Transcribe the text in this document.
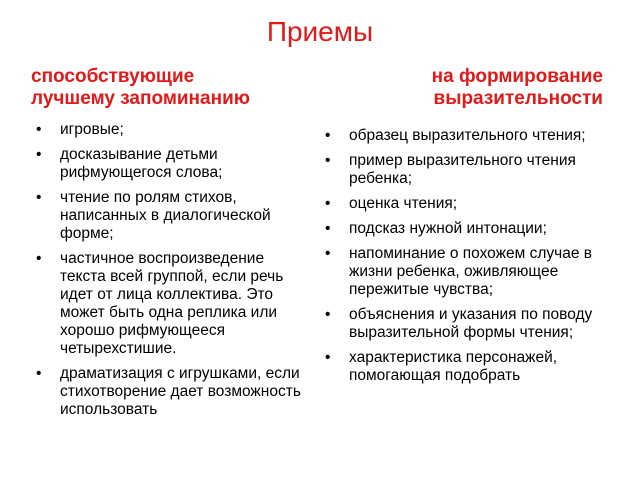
Приемы
способствующие
лучшему запоминанию
на формирование
выразительности
•	игровые;
•	досказывание детьми рифмующегося слова;
•	чтение по ролям стихов, написанных в диалогической форме;
•	частичное воспроизведение текста всей группой, если речь идет от лица коллектива. Это может быть одна реплика или хорошо рифмующееся четырехстишие.
•	драматизация с игрушками, если стихотворение дает возможность использовать
•	образец выразительного чтения;
•	пример выразительного чтения ребенка;
•	оценка чтения;
•	подсказ нужной интонации;
•	напоминание о похожем случае в жизни ребенка, оживляющее пережитые чувства;
•	объяснения и указания по поводу выразительной формы чтения;
•	характеристика персонажей, помогающая подобрать
